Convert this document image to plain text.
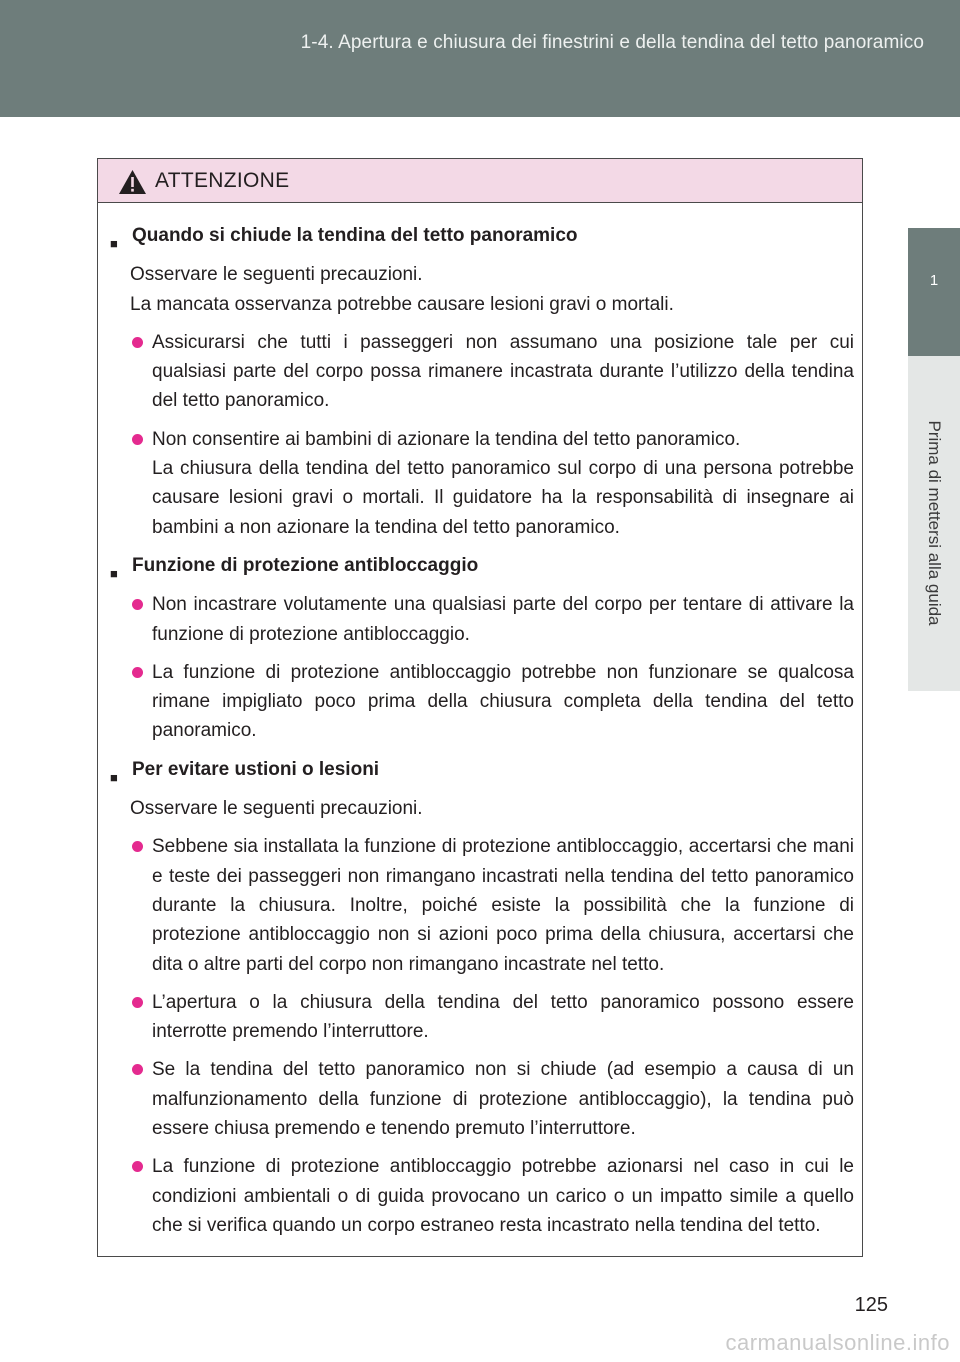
1-4. Apertura e chiusura dei finestrini e della tendina del tetto panoramico
1
Prima di mettersi alla guida
ATTENZIONE
■ Quando si chiude la tendina del tetto panoramico
Osservare le seguenti precauzioni.
La mancata osservanza potrebbe causare lesioni gravi o mortali.
Assicurarsi che tutti i passeggeri non assumano una posizione tale per cui qualsiasi parte del corpo possa rimanere incastrata durante l’utilizzo della tendina del tetto panoramico.
Non consentire ai bambini di azionare la tendina del tetto panoramico.
La chiusura della tendina del tetto panoramico sul corpo di una persona potrebbe causare lesioni gravi o mortali. Il guidatore ha la responsabilità di insegnare ai bambini a non azionare la tendina del tetto panoramico.
■ Funzione di protezione antibloccaggio
Non incastrare volutamente una qualsiasi parte del corpo per tentare di attivare la funzione di protezione antibloccaggio.
La funzione di protezione antibloccaggio potrebbe non funzionare se qualcosa rimane impigliato poco prima della chiusura completa della tendina del tetto panoramico.
■ Per evitare ustioni o lesioni
Osservare le seguenti precauzioni.
Sebbene sia installata la funzione di protezione antibloccaggio, accertarsi che mani e teste dei passeggeri non rimangano incastrati nella tendina del tetto panoramico durante la chiusura. Inoltre, poiché esiste la possibilità che la funzione di protezione antibloccaggio non si azioni poco prima della chiusura, accertarsi che dita o altre parti del corpo non rimangano incastrate nel tetto.
L’apertura o la chiusura della tendina del tetto panoramico possono essere interrotte premendo l’interruttore.
Se la tendina del tetto panoramico non si chiude (ad esempio a causa di un malfunzionamento della funzione di protezione antibloccaggio), la tendina può essere chiusa premendo e tenendo premuto l’interruttore.
La funzione di protezione antibloccaggio potrebbe azionarsi nel caso in cui le condizioni ambientali o di guida provocano un carico o un impatto simile a quello che si verifica quando un corpo estraneo resta incastrato nella tendina del tetto.
125
carmanualsonline.info
